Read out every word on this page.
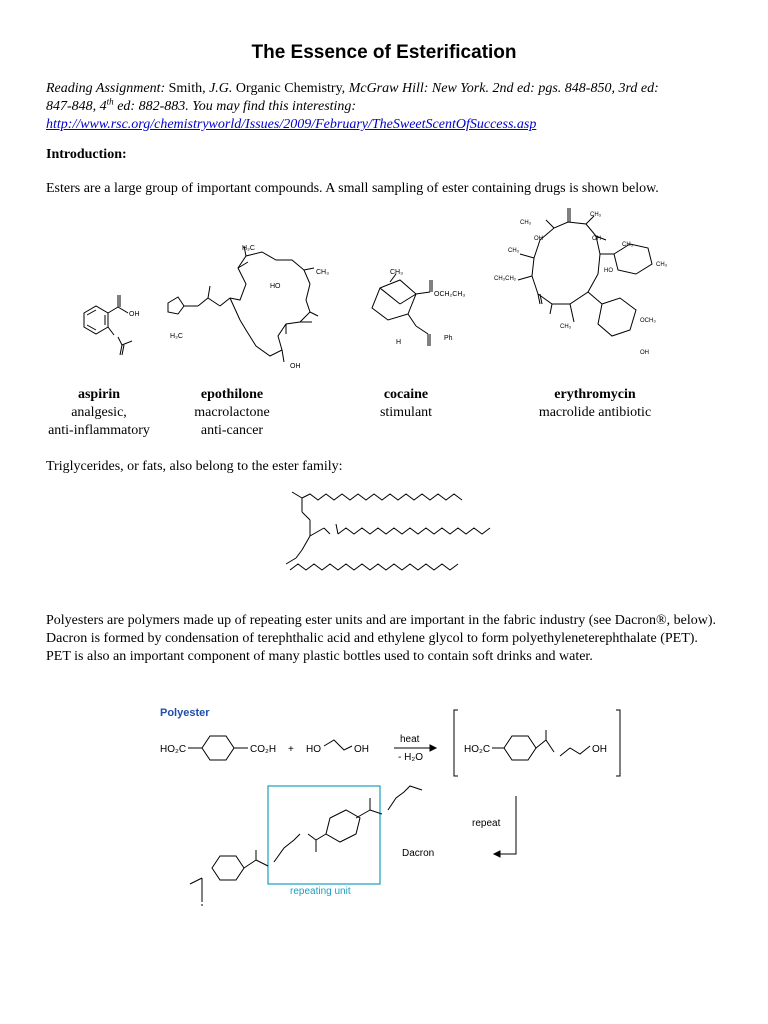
The Essence of Esterification
Reading Assignment: Smith, J.G. Organic Chemistry, McGraw Hill: New York. 2nd ed: pgs. 848-850, 3rd ed:
847-848, 4th ed: 882-883. You may find this interesting:
http://www.rsc.org/chemistryworld/Issues/2009/February/TheSweetScentOfSuccess.asp
Introduction:
Esters are a large group of important compounds. A small sampling of ester containing drugs is shown below.
OH
H₃C
H₃C
CH₃
HO
OH
CH₃
OCH₂CH₃
Ph
H
CH₃
CH₃
OH	OH
CH₃
CH₃CH₂
HO
CH₃
CH₃
OCH₃
OH
CH₃
aspirin
analgesic,
anti-inflammatory
epothilone
macrolactone
anti-cancer
cocaine
stimulant
erythromycin
macrolide antibiotic
Triglycerides, or fats, also belong to the ester family:
Polyesters are polymers made up of repeating ester units and are important in the fabric industry (see Dacron®, below). Dacron is formed by condensation of terephthalic acid and ethylene glycol to form polyethyleneterephthalate (PET). PET is also an important component of many plastic bottles used to contain soft drinks and water.
Polyester
HO₂C	CO₂H + HO	OH
heat
- H₂O
HO₂C	OH
repeat
Dacron
repeating unit
